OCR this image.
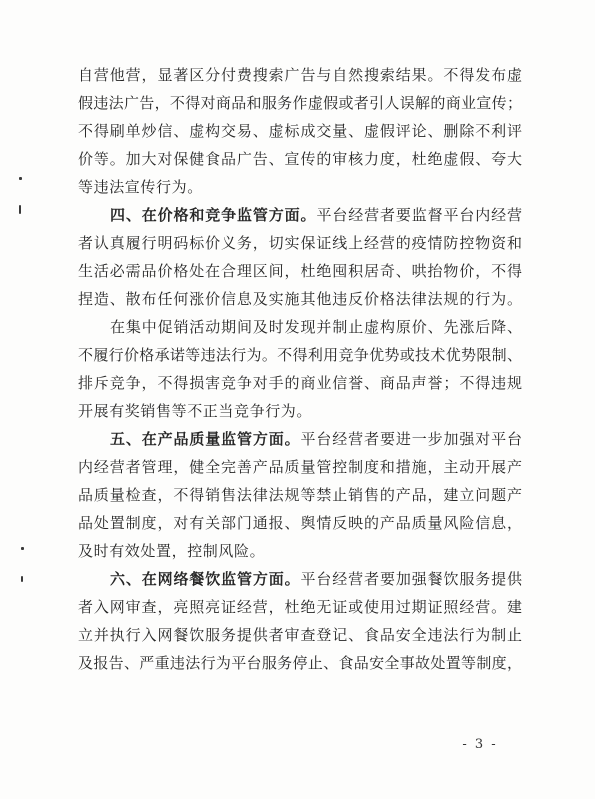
自营他营，显著区分付费搜索广告与自然搜索结果。不得发布虚
假违法广告，不得对商品和服务作虚假或者引人误解的商业宣传；
不得刷单炒信、虚构交易、虚标成交量、虚假评论、删除不利评
价等。加大对保健食品广告、宣传的审核力度，杜绝虚假、夸大
等违法宣传行为。
四、在价格和竞争监管方面。平台经营者要监督平台内经营
者认真履行明码标价义务，切实保证线上经营的疫情防控物资和
生活必需品价格处在合理区间，杜绝囤积居奇、哄抬物价，不得
捏造、散布任何涨价信息及实施其他违反价格法律法规的行为。
在集中促销活动期间及时发现并制止虚构原价、先涨后降、
不履行价格承诺等违法行为。不得利用竞争优势或技术优势限制、
排斥竞争，不得损害竞争对手的商业信誉、商品声誉；不得违规
开展有奖销售等不正当竞争行为。
五、在产品质量监管方面。平台经营者要进一步加强对平台
内经营者管理，健全完善产品质量管控制度和措施，主动开展产
品质量检查，不得销售法律法规等禁止销售的产品，建立问题产
品处置制度，对有关部门通报、舆情反映的产品质量风险信息，
及时有效处置，控制风险。
六、在网络餐饮监管方面。平台经营者要加强餐饮服务提供
者入网审查，亮照亮证经营，杜绝无证或使用过期证照经营。建
立并执行入网餐饮服务提供者审查登记、食品安全违法行为制止
及报告、严重违法行为平台服务停止、食品安全事故处置等制度，
- 3 -
